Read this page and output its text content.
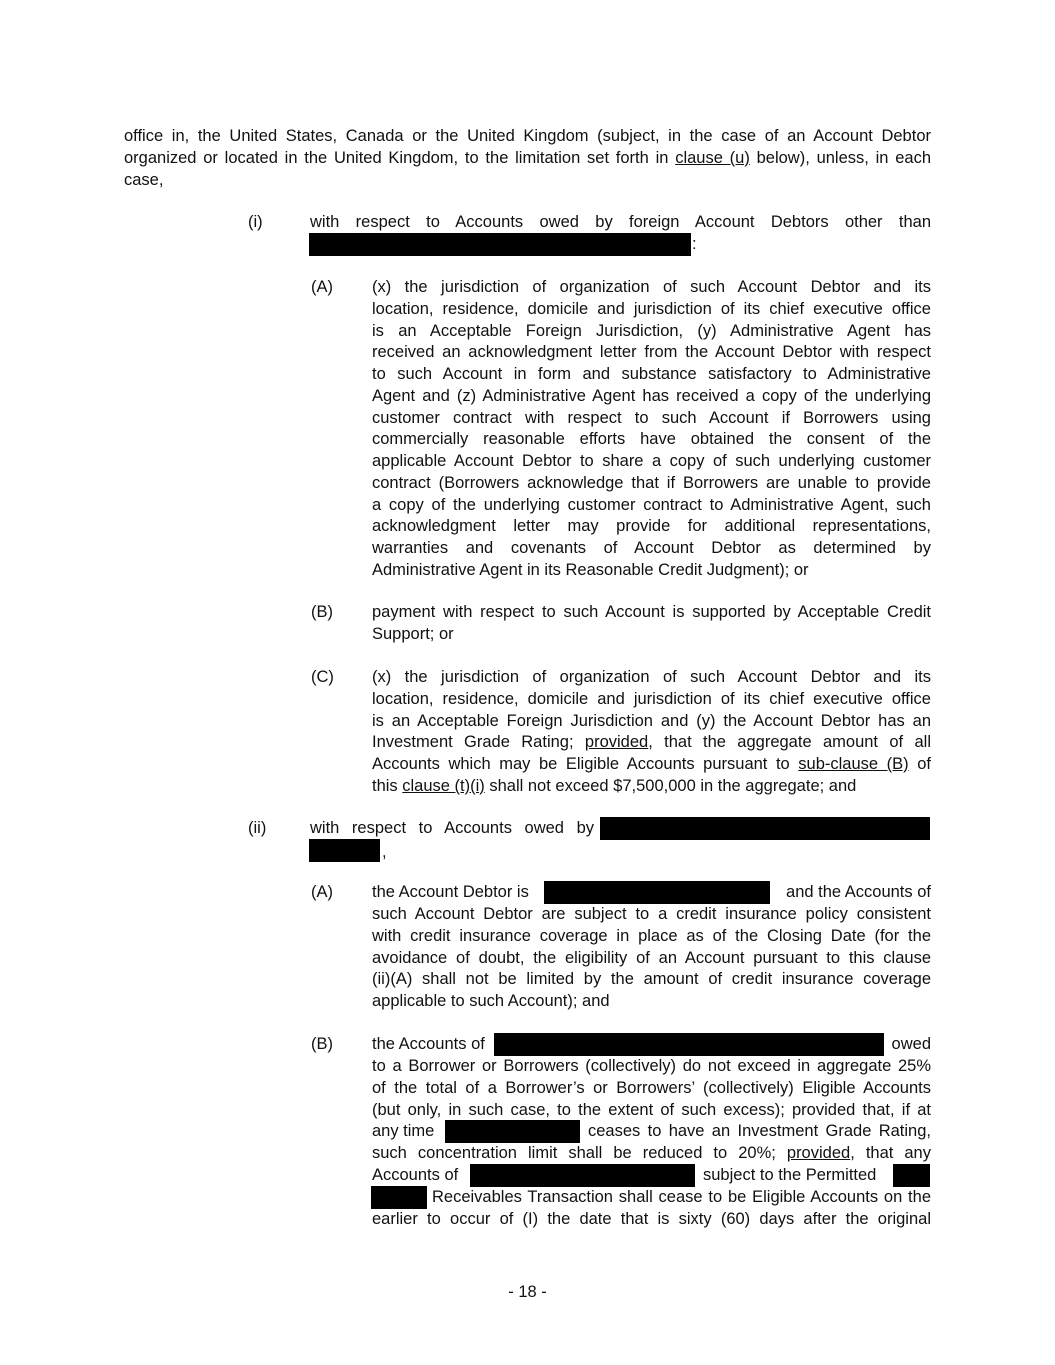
office in, the United States, Canada or the United Kingdom (subject, in the case of an Account Debtor
organized or located in the United Kingdom, to the limitation set forth in clause (u) below), unless, in each
case,
(i)	with respect to Accounts owed by foreign Account Debtors other than
:
(A) (x) the jurisdiction of organization of such Account Debtor and its
location, residence, domicile and jurisdiction of its chief executive office
is an Acceptable Foreign Jurisdiction, (y) Administrative Agent has
received an acknowledgment letter from the Account Debtor with respect
to such Account in form and substance satisfactory to Administrative
Agent and (z) Administrative Agent has received a copy of the underlying
customer contract with respect to such Account if Borrowers using
commercially reasonable efforts have obtained the consent of the
applicable Account Debtor to share a copy of such underlying customer
contract (Borrowers acknowledge that if Borrowers are unable to provide
a copy of the underlying customer contract to Administrative Agent, such
acknowledgment letter may provide for additional representations,
warranties and covenants of Account Debtor as determined by
Administrative Agent in its Reasonable Credit Judgment); or
(B) payment with respect to such Account is supported by Acceptable Credit
Support; or
(C) (x) the jurisdiction of organization of such Account Debtor and its
location, residence, domicile and jurisdiction of its chief executive office
is an Acceptable Foreign Jurisdiction and (y) the Account Debtor has an
Investment Grade Rating; provided, that the aggregate amount of all
Accounts which may be Eligible Accounts pursuant to sub-clause (B) of
this clause (t)(i) shall not exceed $7,500,000 in the aggregate; and
(ii)	with respect to Accounts owed by
,
(A) the Account Debtor is	and the Accounts of
such Account Debtor are subject to a credit insurance policy consistent
with credit insurance coverage in place as of the Closing Date (for the
avoidance of doubt, the eligibility of an Account pursuant to this clause
(ii)(A) shall not be limited by the amount of credit insurance coverage
applicable to such Account); and
(B) the Accounts of	owed
to a Borrower or Borrowers (collectively) do not exceed in aggregate 25%
of the total of a Borrower’s or Borrowers’ (collectively) Eligible Accounts
(but only, in such case, to the extent of such excess); provided that, if at
any time	ceases to have an Investment Grade Rating,
such concentration limit shall be reduced to 20%; provided, that any
Accounts of	subject to the Permitted
Receivables Transaction shall cease to be Eligible Accounts on the
earlier to occur of (I) the date that is sixty (60) days after the original
- 18 -
